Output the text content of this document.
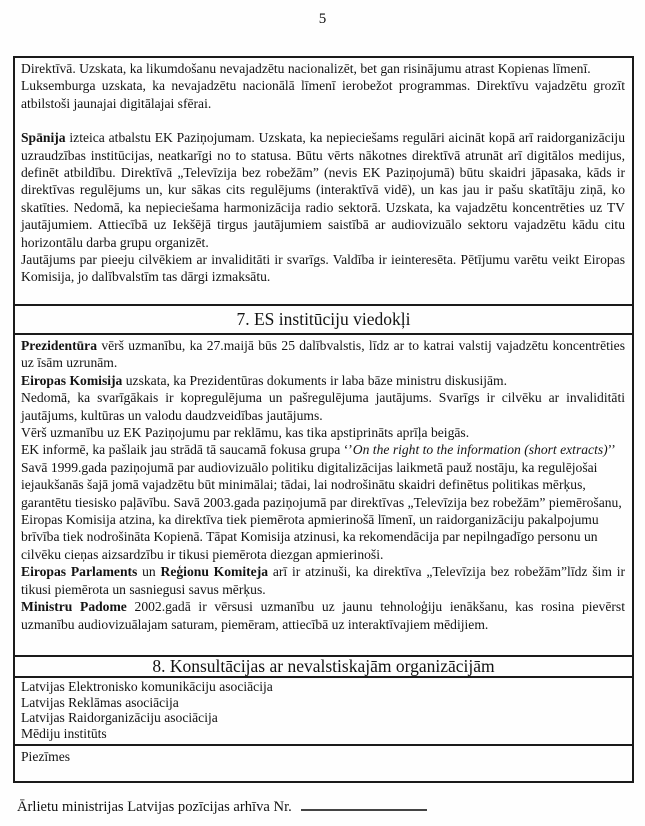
5

Direktīvā. Uzskata, ka likumdošanu nevajadzētu nacionalizēt, bet gan risinājumu atrast Kopienas līmenī.

Luksemburga uzskata, ka nevajadzētu nacionālā līmenī ierobežot programmas. Direktīvu vajadzētu grozīt atbilstoši jaunajai digitālajai sfērai.

Spānija izteica atbalstu EK Paziņojumam. Uzskata, ka nepieciešams regulāri aicināt kopā arī raidorganizāciju uzraudzības institūcijas, neatkarīgi no to statusa. Būtu vērts nākotnes direktīvā atrunāt arī digitālos medijus, definēt atbildību. Direktīvā „Televīzija bez robežām” (nevis EK Paziņojumā) būtu skaidri jāpasaka, kāds ir direktīvas regulējums un, kur sākas cits regulējums (interaktīvā vidē), un kas jau ir pašu skatītāju ziņā, ko skatīties. Nedomā, ka nepieciešama harmonizācija radio sektorā. Uzskata, ka vajadzētu koncentrēties uz TV jautājumiem. Attiecībā uz Iekšējā tirgus jautājumiem saistībā ar audiovizuālo sektoru vajadzētu kādu citu horizontālu darba grupu organizēt.

Jautājums par pieeju cilvēkiem ar invaliditāti ir svarīgs. Valdība ir ieinteresēta. Pētījumu varētu veikt Eiropas Komisija, jo dalībvalstīm tas dārgi izmaksātu.

7. ES institūciju viedokļi

Prezidentūra vērš uzmanību, ka 27.maijā būs 25 dalībvalstis, līdz ar to katrai valstij vajadzētu koncentrēties uz īsām uzrunām.

Eiropas Komisija uzskata, ka Prezidentūras dokuments ir laba bāze ministru diskusijām.

Nedomā, ka svarīgākais ir kopregulējuma un pašregulējuma jautājums. Svarīgs ir cilvēku ar invaliditāti jautājums, kultūras un valodu daudzveidības jautājums.

Vērš uzmanību uz EK Paziņojumu par reklāmu, kas tika apstiprināts aprīļa beigās.

EK informē, ka pašlaik jau strādā tā saucamā fokusa grupa ‘’On the right to the information (short extracts)’’

Savā 1999.gada paziņojumā par audiovizuālo politiku digitalizācijas laikmetā pauž nostāju, ka regulējošai iejaukšanās šajā jomā vajadzētu būt minimālai; tādai, lai nodrošinātu skaidri definētus politikas mērķus, garantētu tiesisko paļāvību. Savā 2003.gada paziņojumā par direktīvas „Televīzija bez robežām” piemērošanu, Eiropas Komisija atzina, ka direktīva tiek piemērota apmierinošā līmenī, un raidorganizāciju pakalpojumu brīvība tiek nodrošināta Kopienā. Tāpat Komisija atzinusi, ka rekomendācija par nepilngadīgo personu un cilvēku cieņas aizsardzību ir tikusi piemērota diezgan apmierinoši.

Eiropas Parlaments un Reģionu Komiteja arī ir atzinuši, ka direktīva „Televīzija bez robežām”līdz šim ir tikusi piemērota un sasniegusi savus mērķus.

Ministru Padome 2002.gadā ir vērsusi uzmanību uz jaunu tehnoloģiju ienākšanu, kas rosina pievērst uzmanību audiovizuālajam saturam, piemēram, attiecībā uz interaktīvajiem mēdijiem.

8. Konsultācijas ar nevalstiskajām organizācijām

Latvijas Elektronisko komunikāciju asociācija

Latvijas Reklāmas asociācija

Latvijas Raidorganizāciju asociācija

Mēdiju institūts

Piezīmes

Ārlietu ministrijas Latvijas pozīcijas arhīva Nr.
